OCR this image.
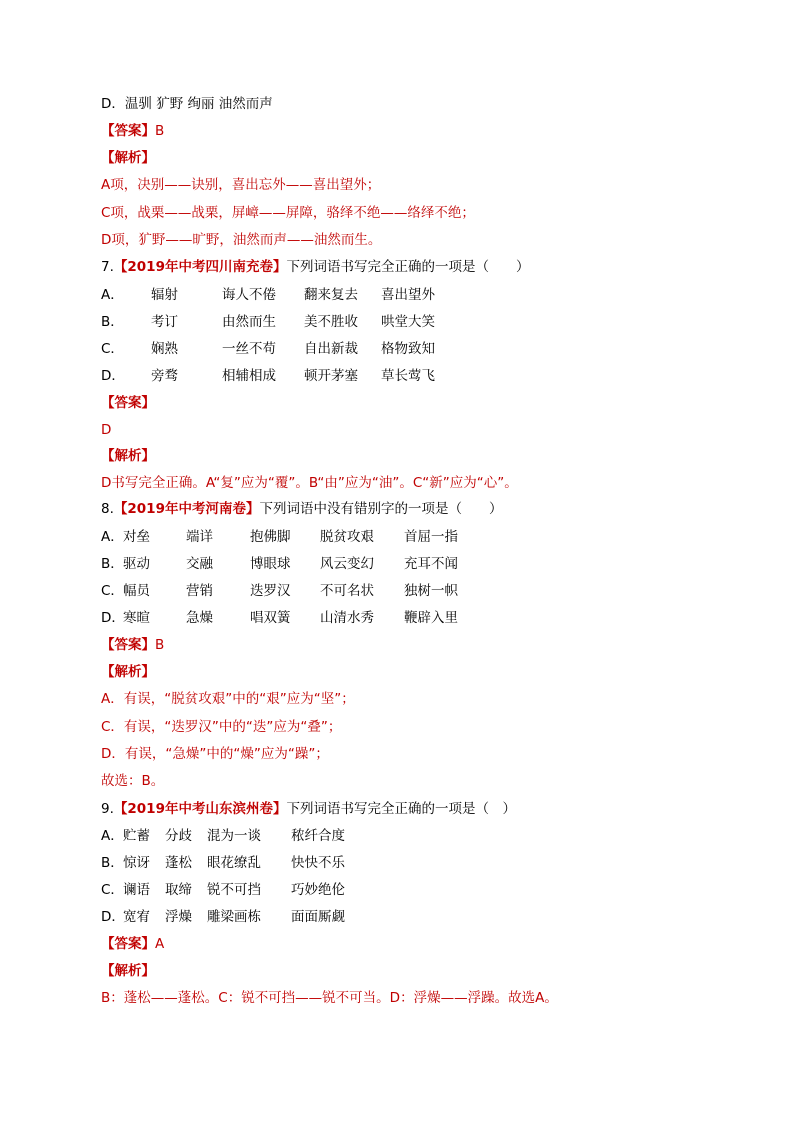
D．温驯 犷野 绚丽 油然而声
【答案】B
【解析】
A项，决别——诀别，喜出忘外——喜出望外；
C项，战栗——战栗，屏嶂——屏障，骆绎不绝——络绎不绝；
D项，犷野——旷野，油然而声——油然而生。
7.【2019年中考四川南充卷】下列词语书写完全正确的一项是（　　）
A． 辐射	诲人不倦 翻来复去 喜出望外
B． 考订	由然而生 美不胜收 哄堂大笑
C． 娴熟	一丝不苟 自出新裁 格物致知
D． 旁骛	相辅相成 顿开茅塞 草长莺飞
【答案】
D
【解析】
D书写完全正确。A“复”应为“覆”。B“由”应为“油”。C“新”应为“心”。
8.【2019年中考河南卷】下列词语中没有错别字的一项是（　　）
A．对垒	端详	抱佛脚 脱贫攻艰 首屈一指
B．驱动	交融	博眼球 风云变幻 充耳不闻
C．幅员	营销	迭罗汉 不可名状 独树一帜
D．寒暄	急燥	唱双簧 山清水秀 鞭辟入里
【答案】B
【解析】
A．有误，“脱贫攻艰”中的“艰”应为“坚”；
C．有误，“迭罗汉”中的“迭”应为“叠”；
D．有误，“急燥”中的“燥”应为“躁”；
故选：B。
9.【2019年中考山东滨州卷】下列词语书写完全正确的一项是（　）
A．贮蓄 分歧 混为一谈 秾纤合度
B．惊讶 蓬松 眼花缭乱 快快不乐
C．谰语 取缔 锐不可挡 巧妙绝伦
D．宽宥 浮燥 雕梁画栋 面面厮觑
【答案】A
【解析】
B：蓬松——蓬松。C：锐不可挡——锐不可当。D：浮燥——浮躁。故选A。
